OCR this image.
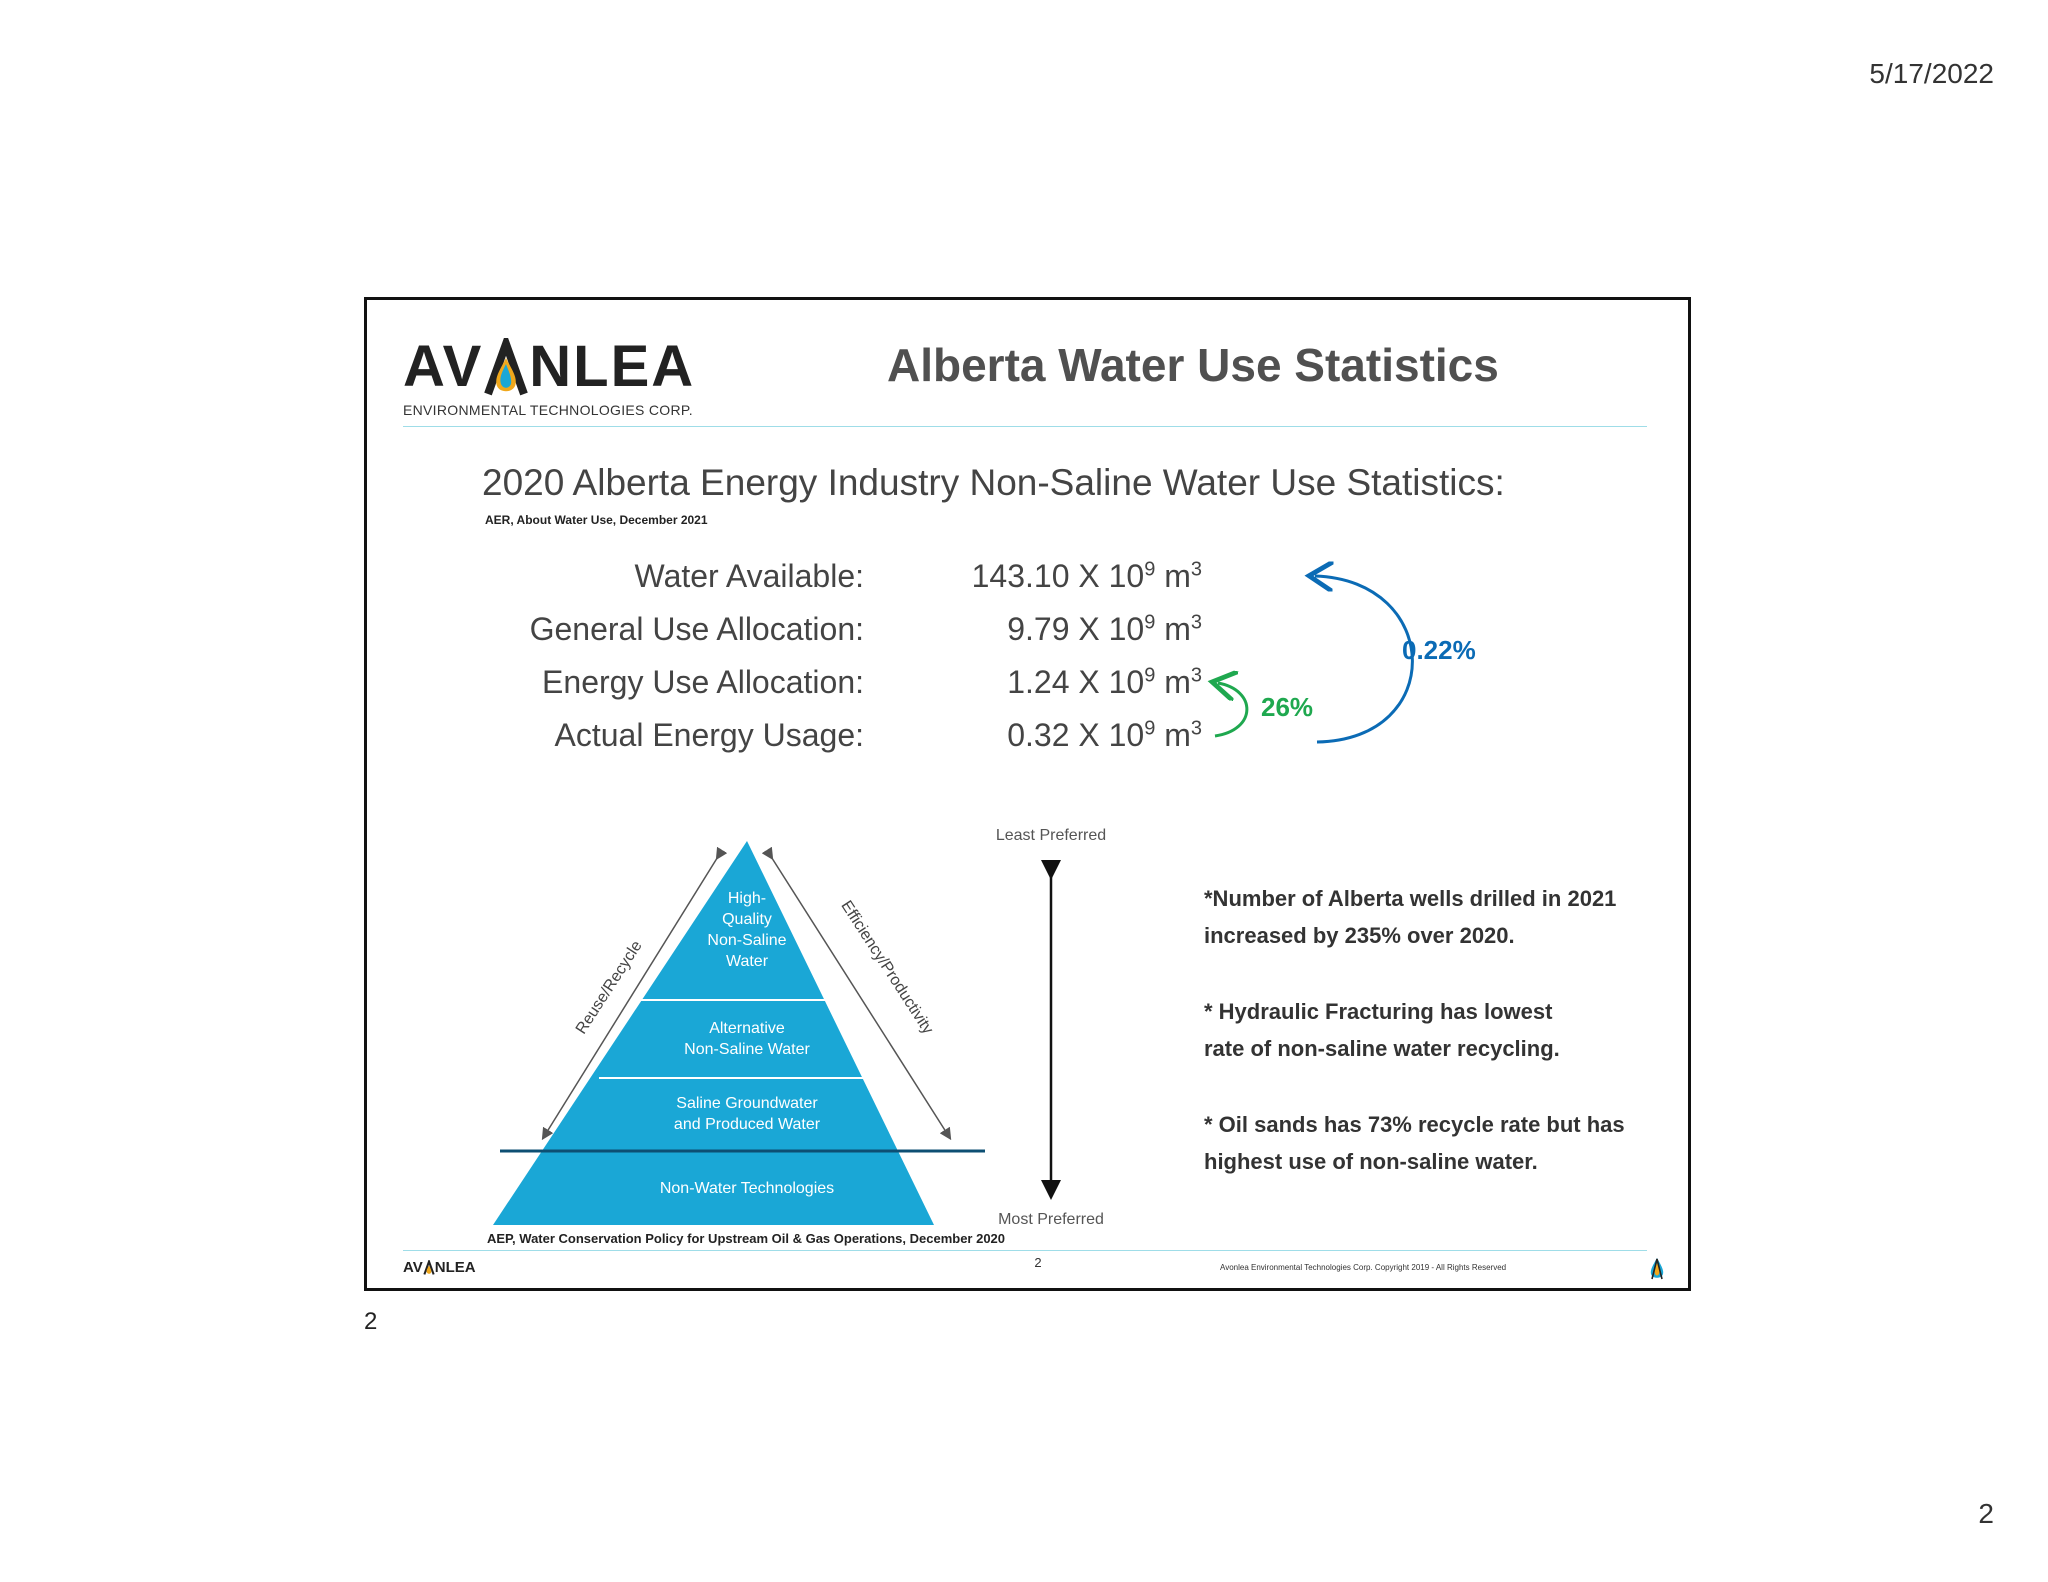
5/17/2022
AV NLEA
ENVIRONMENTAL TECHNOLOGIES CORP.
Alberta Water Use Statistics
2020 Alberta Energy Industry Non-Saline Water Use Statistics:
AER, About Water Use, December 2021
Water Available:	143.10 X $10^9$ $m^3$
General Use Allocation:	9.79 X $10^9$ $m^3$
Energy Use Allocation:	1.24 X $10^9$ $m^3$
Actual Energy Usage:	0.32 X $10^9$ $m^3$
0.22%
26%
Reuse/Recycle	Efficiency/Productivity
High-
Quality
Non-Saline
Water
Alternative
Non-Saline Water
Saline Groundwater
and Produced Water
Non-Water Technologies
Least Preferred
Most Preferred
*Number of Alberta wells drilled in 2021
increased by 235% over 2020.
* Hydraulic Fracturing has lowest
rate of non-saline water recycling.
* Oil sands has 73% recycle rate but has
highest use of non-saline water.
AEP, Water Conservation Policy for Upstream Oil & Gas Operations, December 2020
AV NLEA	2	Avonlea Environmental Technologies Corp. Copyright 2019 - All Rights Reserved
2
2
